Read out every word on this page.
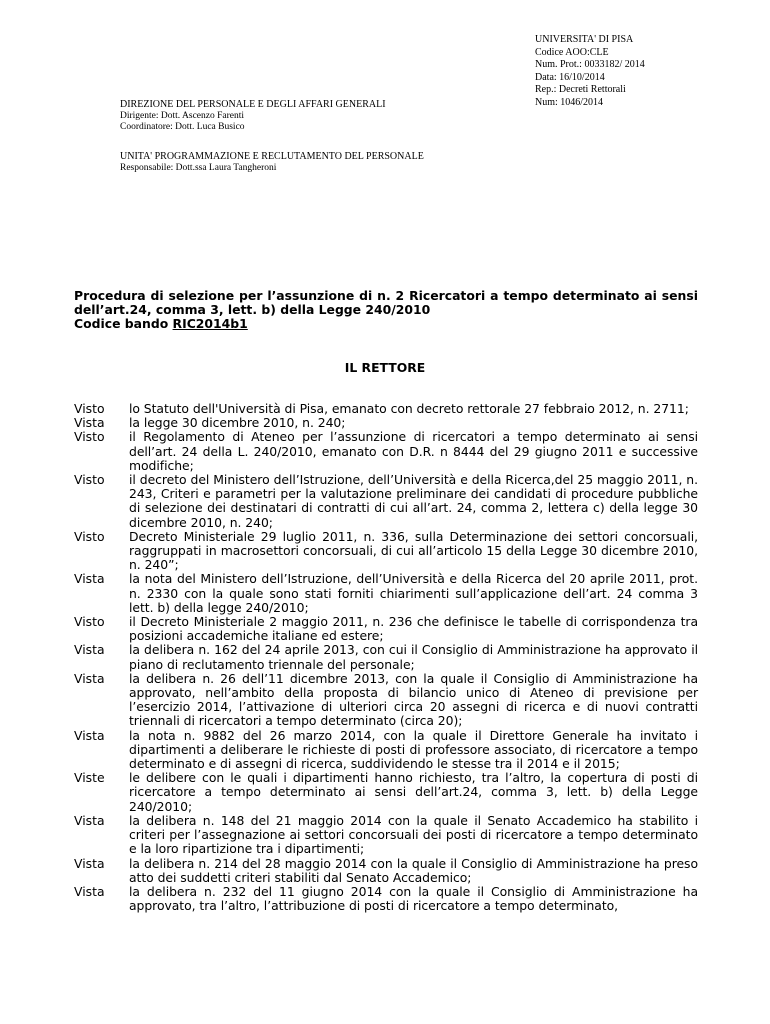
UNIVERSITA' DI PISA
Codice AOO:CLE
Num. Prot.: 0033182/ 2014
Data: 16/10/2014
Rep.: Decreti Rettorali
Num: 1046/2014
DIREZIONE DEL PERSONALE E DEGLI AFFARI GENERALI
Dirigente: Dott. Ascenzo Farenti
Coordinatore: Dott. Luca Busico
UNITA' PROGRAMMAZIONE E RECLUTAMENTO DEL PERSONALE
Responsabile: Dott.ssa Laura Tangheroni
Procedura di selezione per l’assunzione di n. 2 Ricercatori a tempo determinato ai sensi dell’art.24, comma 3, lett. b) della Legge 240/2010
Codice bando RIC2014b1
IL RETTORE
Visto	lo Statuto dell'Università di Pisa, emanato con decreto rettorale 27 febbraio 2012, n. 2711;
Vista	la legge 30 dicembre 2010, n. 240;
Visto	il Regolamento di Ateneo per l’assunzione di ricercatori a tempo determinato ai sensi dell’art. 24 della L. 240/2010, emanato con D.R. n 8444 del 29 giugno 2011 e successive modifiche;
Visto	il decreto del Ministero dell’Istruzione, dell’Università e della Ricerca,del 25 maggio 2011, n. 243, Criteri e parametri per la valutazione preliminare dei candidati di procedure pubbliche di selezione dei destinatari di contratti di cui all’art. 24, comma 2, lettera c) della legge 30 dicembre 2010, n. 240;
Visto	Decreto Ministeriale 29 luglio 2011, n. 336, sulla Determinazione dei settori concorsuali, raggruppati in macrosettori concorsuali, di cui all’articolo 15 della Legge 30 dicembre 2010, n. 240”;
Vista	la nota del Ministero dell’Istruzione, dell’Università e della Ricerca del 20 aprile 2011, prot. n. 2330 con la quale sono stati forniti chiarimenti sull’applicazione dell’art. 24 comma 3 lett. b) della legge 240/2010;
Visto	il Decreto Ministeriale 2 maggio 2011, n. 236 che definisce le tabelle di corrispondenza tra posizioni accademiche italiane ed estere;
Vista	la delibera n. 162 del 24 aprile 2013, con cui il Consiglio di Amministrazione ha approvato il piano di reclutamento triennale del personale;
Vista	la delibera n. 26 dell’11 dicembre 2013, con la quale il Consiglio di Amministrazione ha approvato, nell’ambito della proposta di bilancio unico di Ateneo di previsione per l’esercizio 2014, l’attivazione di ulteriori circa 20 assegni di ricerca e di nuovi contratti triennali di ricercatori a tempo determinato (circa 20);
Vista	la nota n. 9882 del 26 marzo 2014, con la quale il Direttore Generale ha invitato i dipartimenti a deliberare le richieste di posti di professore associato, di ricercatore a tempo determinato e di assegni di ricerca, suddividendo le stesse tra il 2014 e il 2015;
Viste	le delibere con le quali i dipartimenti hanno richiesto, tra l’altro, la copertura di posti di ricercatore a tempo determinato ai sensi dell’art.24, comma 3, lett. b) della Legge 240/2010;
Vista	la delibera n. 148 del 21 maggio 2014 con la quale il Senato Accademico ha stabilito i criteri per l’assegnazione ai settori concorsuali dei posti di ricercatore a tempo determinato e la loro ripartizione tra i dipartimenti;
Vista	la delibera n. 214 del 28 maggio 2014 con la quale il Consiglio di Amministrazione ha preso atto dei suddetti criteri stabiliti dal Senato Accademico;
Vista	la delibera n. 232 del 11 giugno 2014 con la quale il Consiglio di Amministrazione ha approvato, tra l’altro, l’attribuzione di posti di ricercatore a tempo determinato,
